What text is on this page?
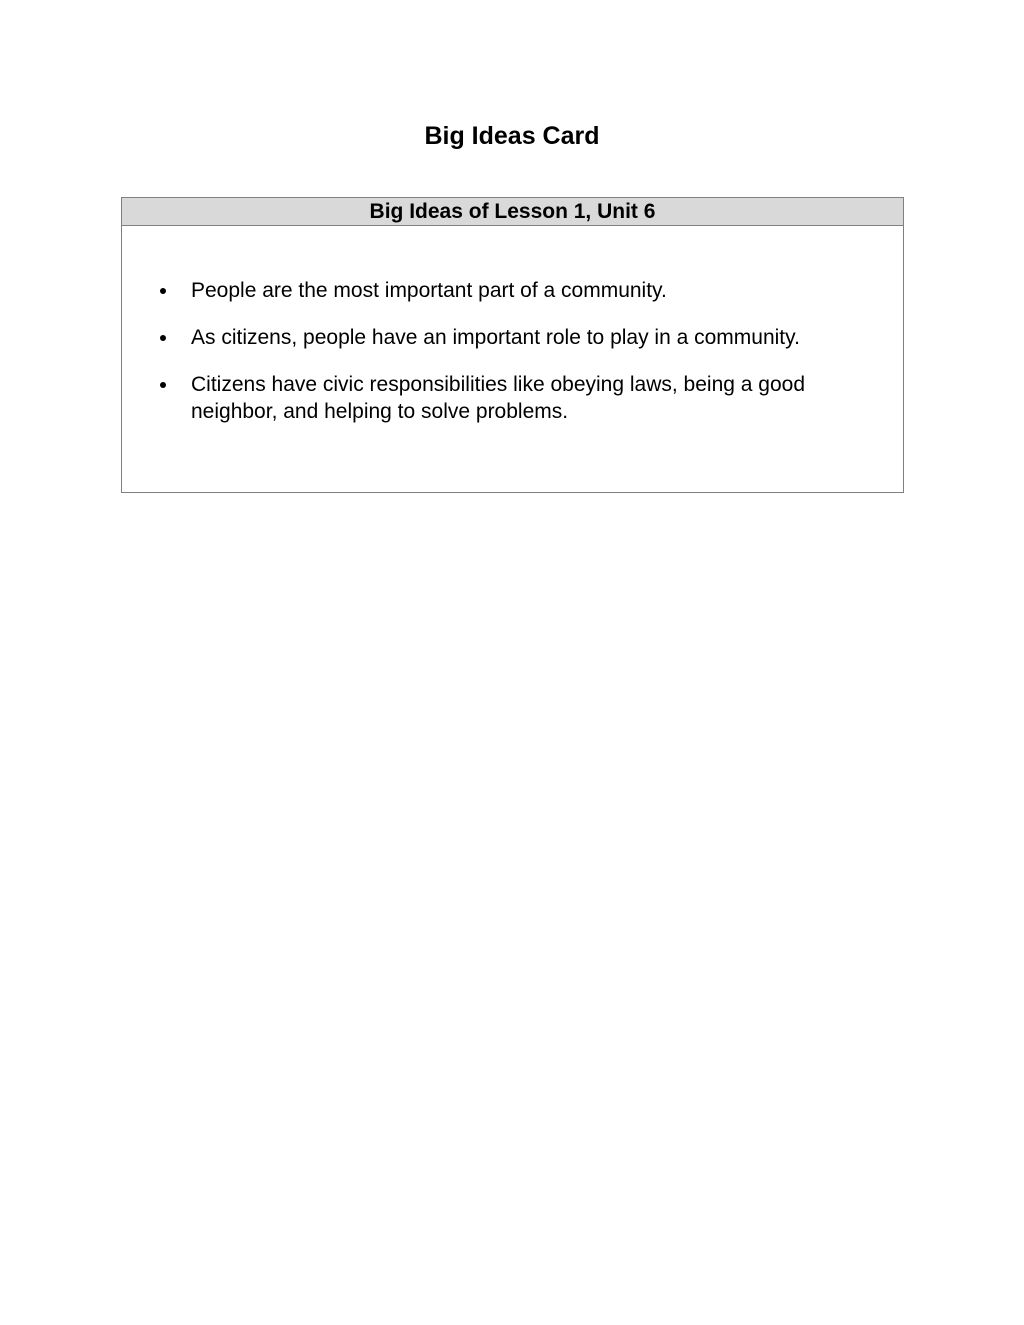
Big Ideas Card
Big Ideas of Lesson 1, Unit 6
People are the most important part of a community.
As citizens, people have an important role to play in a community.
Citizens have civic responsibilities like obeying laws, being a good neighbor, and helping to solve problems.
